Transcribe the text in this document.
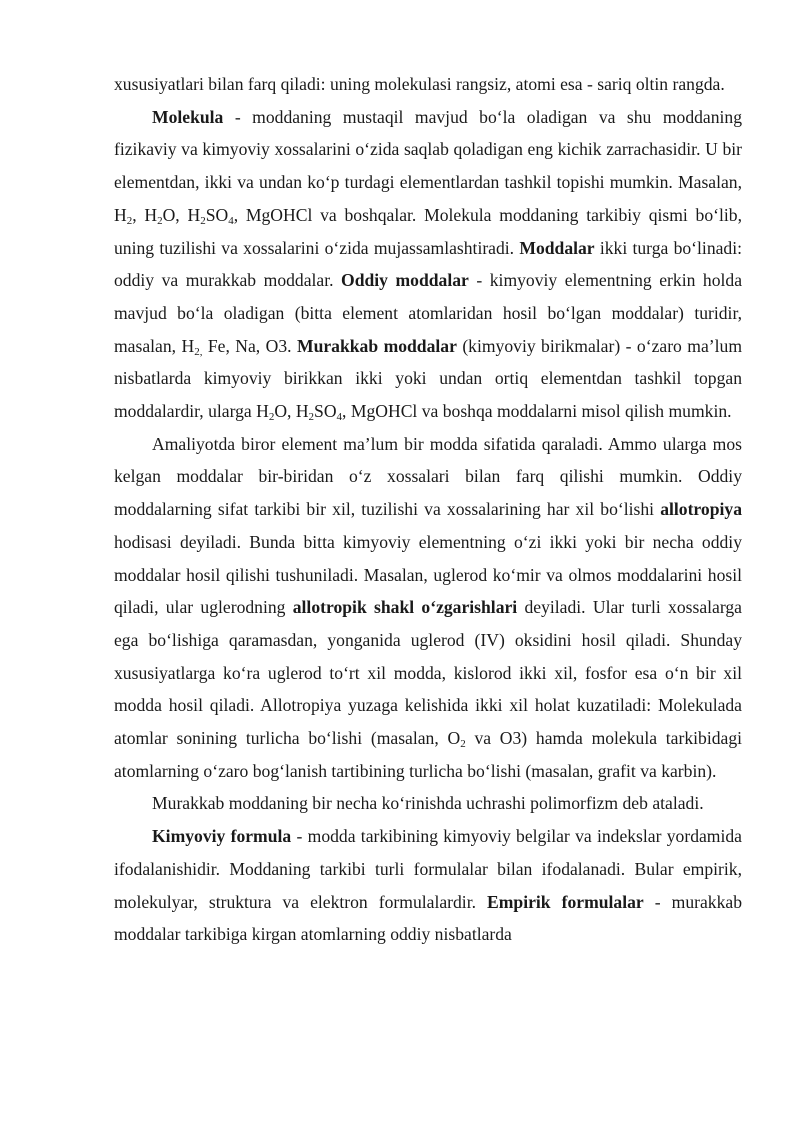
xususiyatlari bilan farq qiladi: uning molekulasi rangsiz, atomi esa - sariq oltin rangda.

Molekula - moddaning mustaqil mavjud boʻla oladigan va shu moddaning fizikaviy va kimyoviy xossalarini oʻzida saqlab qoladigan eng kichik zarrachasidir. U bir elementdan, ikki va undan koʻp turdagi elementlardan tashkil topishi mumkin. Masalan, $H_2$, $H_2O$, $H_2SO_4$, MgOHCl va boshqalar. Molekula moddaning tarkibiy qismi boʻlib, uning tuzilishi va xossalarini oʻzida mujassamlashtiradi. Moddalar ikki turga boʻlinadi: oddiy va murakkab moddalar. Oddiy moddalar - kimyoviy elementning erkin holda mavjud boʻla oladigan (bitta element atomlaridan hosil boʻlgan moddalar) turidir, masalan, $H_{2,}$ Fe, Na, O3. Murakkab moddalar (kimyoviy birikmalar) - oʻzaro ma’lum nisbatlarda kimyoviy birikkan ikki yoki undan ortiq elementdan tashkil topgan moddalardir, ularga $H_2O$, $H_2SO_4$, MgOHCl va boshqa moddalarni misol qilish mumkin.

Amaliyotda biror element ma’lum bir modda sifatida qaraladi. Ammo ularga mos kelgan moddalar bir-biridan oʻz xossalari bilan farq qilishi mumkin. Oddiy moddalarning sifat tarkibi bir xil, tuzilishi va xossalarining har xil boʻlishi allotropiya hodisasi deyiladi. Bunda bitta kimyoviy elementning oʻzi ikki yoki bir necha oddiy moddalar hosil qilishi tushuniladi. Masalan, uglerod koʻmir va olmos moddalarini hosil qiladi, ular uglerodning allotropik shakl oʻzgarishlari deyiladi. Ular turli xossalarga ega boʻlishiga qaramasdan, yonganida uglerod (IV) oksidini hosil qiladi. Shunday xususiyatlarga koʻra uglerod toʻrt xil modda, kislorod ikki xil, fosfor esa oʻn bir xil modda hosil qiladi. Allotropiya yuzaga kelishida ikki xil holat kuzatiladi: Molekulada atomlar sonining turlicha boʻlishi (masalan, $O_2$ va O3) hamda molekula tarkibidagi atomlarning oʻzaro bogʻlanish tartibining turlicha boʻlishi (masalan, grafit va karbin).

Murakkab moddaning bir necha koʻrinishda uchrashi polimorfizm deb ataladi.

Kimyoviy formula - modda tarkibining kimyoviy belgilar va indekslar yordamida ifodalanishidir. Moddaning tarkibi turli formulalar bilan ifodalanadi. Bular empirik, molekulyar, struktura va elektron formulalardir. Empirik formulalar - murakkab moddalar tarkibiga kirgan atomlarning oddiy nisbatlarda
